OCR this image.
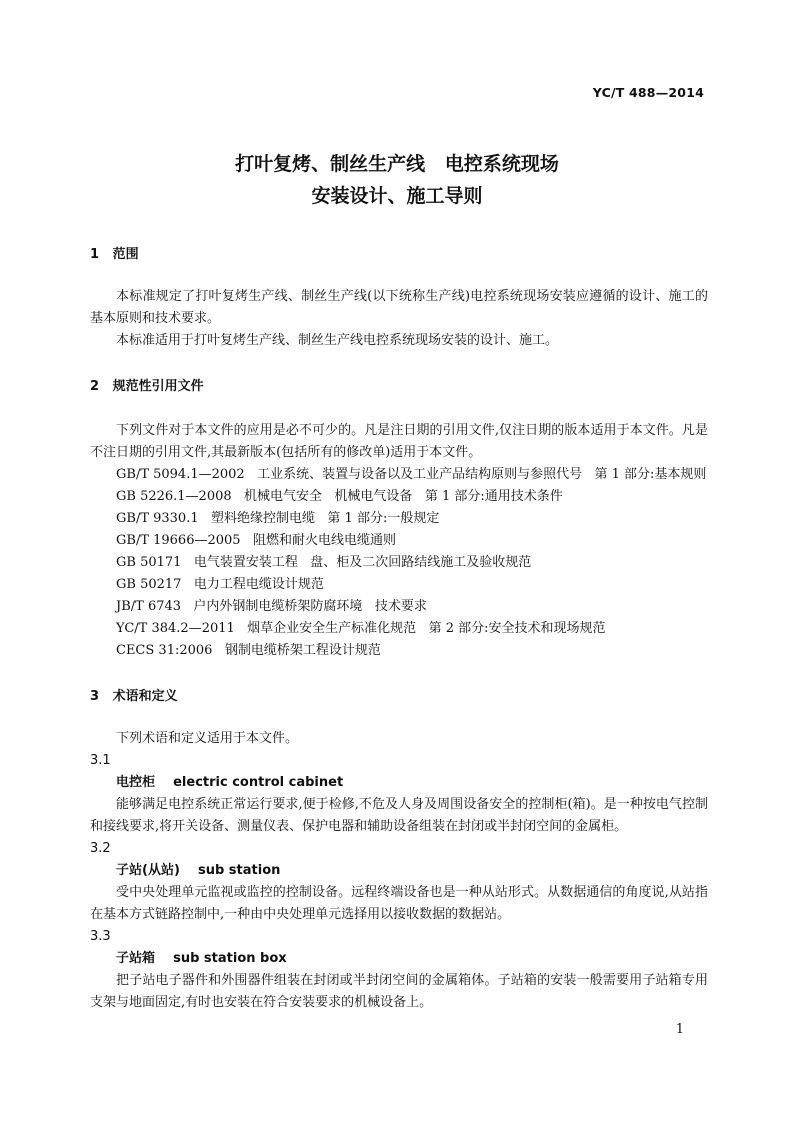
YC/T 488—2014
打叶复烤、制丝生产线   电控系统现场
安装设计、施工导则
1   范围
本标准规定了打叶复烤生产线、制丝生产线(以下统称生产线)电控系统现场安装应遵循的设计、施工的基本原则和技术要求。
本标准适用于打叶复烤生产线、制丝生产线电控系统现场安装的设计、施工。
2   规范性引用文件
下列文件对于本文件的应用是必不可少的。凡是注日期的引用文件,仅注日期的版本适用于本文件。凡是不注日期的引用文件,其最新版本(包括所有的修改单)适用于本文件。
GB/T 5094.1—2002   工业系统、装置与设备以及工业产品结构原则与参照代号   第 1 部分:基本规则
GB 5226.1—2008   机械电气安全   机械电气设备   第 1 部分:通用技术条件
GB/T 9330.1   塑料绝缘控制电缆   第 1 部分:一般规定
GB/T 19666—2005   阻燃和耐火电线电缆通则
GB 50171   电气装置安装工程   盘、柜及二次回路结线施工及验收规范
GB 50217   电力工程电缆设计规范
JB/T 6743   户内外钢制电缆桥架防腐环境   技术要求
YC/T 384.2—2011   烟草企业安全生产标准化规范   第 2 部分:安全技术和现场规范
CECS 31:2006   钢制电缆桥架工程设计规范
3   术语和定义
下列术语和定义适用于本文件。
3.1
电控柜    electric control cabinet
能够满足电控系统正常运行要求,便于检修,不危及人身及周围设备安全的控制柜(箱)。是一种按电气控制和接线要求,将开关设备、测量仪表、保护电器和辅助设备组装在封闭或半封闭空间的金属柜。
3.2
子站(从站)    sub station
受中央处理单元监视或监控的控制设备。远程终端设备也是一种从站形式。从数据通信的角度说,从站指在基本方式链路控制中,一种由中央处理单元选择用以接收数据的数据站。
3.3
子站箱    sub station box
把子站电子器件和外围器件组装在封闭或半封闭空间的金属箱体。子站箱的安装一般需要用子站箱专用支架与地面固定,有时也安装在符合安装要求的机械设备上。
1
